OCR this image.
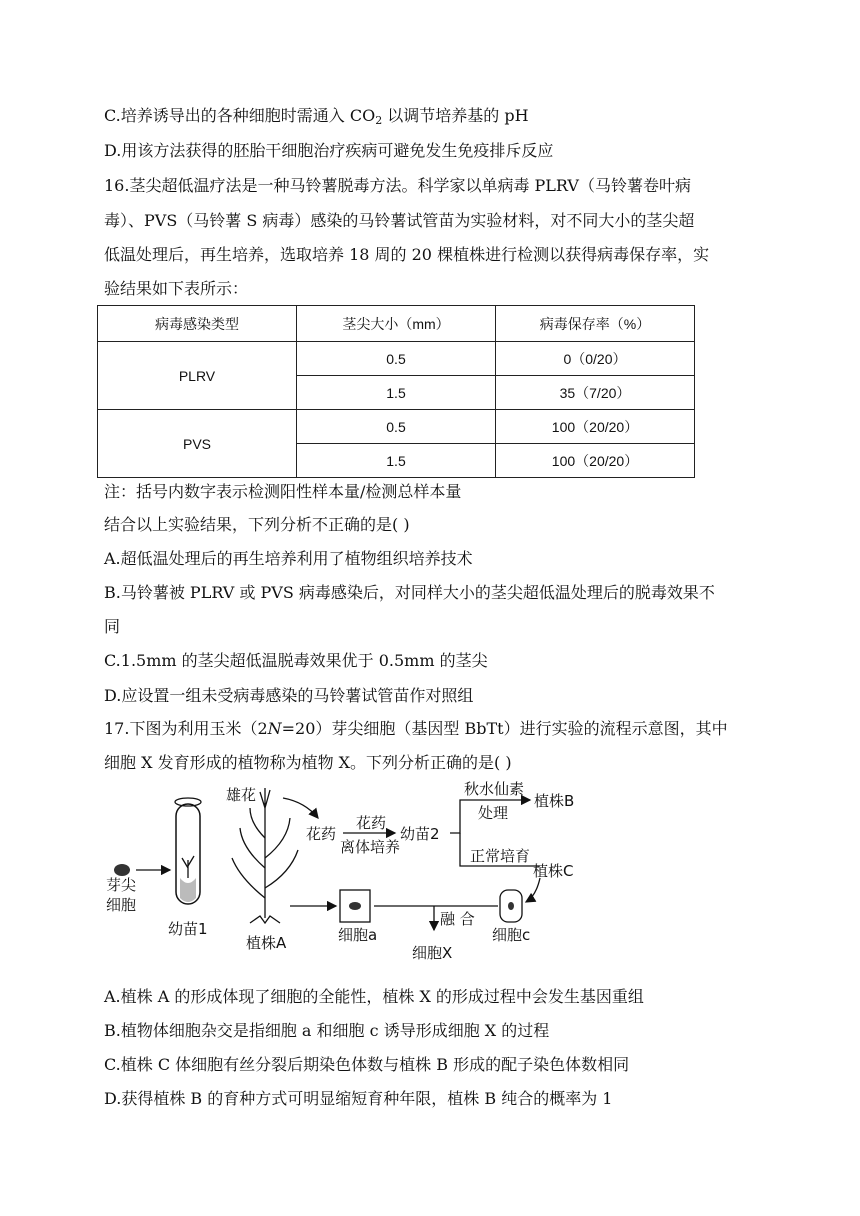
C.培养诱导出的各种细胞时需通入 $CO_2$ 以调节培养基的 pH
D.用该方法获得的胚胎干细胞治疗疾病可避免发生免疫排斥反应
16.茎尖超低温疗法是一种马铃薯脱毒方法。科学家以单病毒 PLRV（马铃薯卷叶病
毒）、PVS（马铃薯 S 病毒）感染的马铃薯试管苗为实验材料，对不同大小的茎尖超
低温处理后，再生培养，选取培养 18 周的 20 棵植株进行检测以获得病毒保存率，实
验结果如下表所示：
病毒感染类型	茎尖大小（mm）	病毒保存率（%）
PLRV	0.5	0（0/20）
	1.5	35（7/20）
PVS	0.5	100（20/20）
	1.5	100（20/20）
注：括号内数字表示检测阳性样本量/检测总样本量
结合以上实验结果，下列分析不正确的是( )
A.超低温处理后的再生培养利用了植物组织培养技术
B.马铃薯被 PLRV 或 PVS 病毒感染后，对同样大小的茎尖超低温处理后的脱毒效果不
同
C.1.5mm 的茎尖超低温脱毒效果优于 0.5mm 的茎尖
D.应设置一组未受病毒感染的马铃薯试管苗作对照组
17.下图为利用玉米（2N=20）芽尖细胞（基因型 BbTt）进行实验的流程示意图，其中
细胞 X 发育形成的植物称为植物 X。下列分析正确的是( )
芽尖
细胞
幼苗1
雄花
植株A
花药
花药
离体培养
幼苗2
秋水仙素
处理
植株B
正常培育
植株C
细胞a
融 合
细胞X
细胞c
A.植株 A 的形成体现了细胞的全能性，植株 X 的形成过程中会发生基因重组
B.植物体细胞杂交是指细胞 a 和细胞 c 诱导形成细胞 X 的过程
C.植株 C 体细胞有丝分裂后期染色体数与植株 B 形成的配子染色体数相同
D.获得植株 B 的育种方式可明显缩短育种年限，植株 B 纯合的概率为 1
